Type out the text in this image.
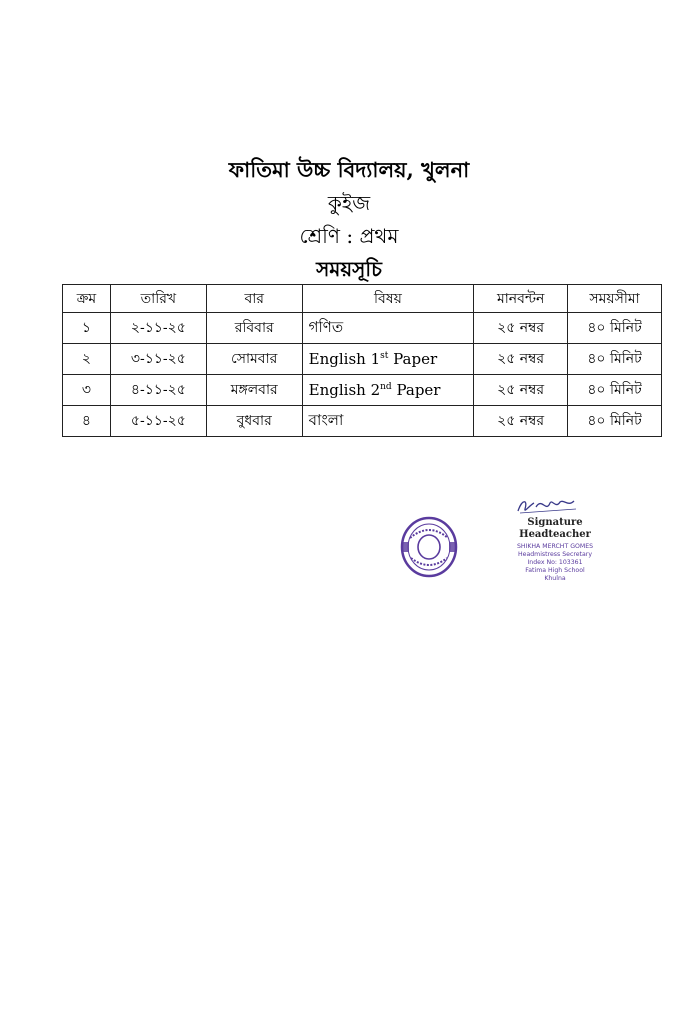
ফাতিমা উচ্চ বিদ্যালয়, খুলনা
কুইজ
শ্রেণি : প্রথম
সময়সূচি
ক্রম	তারিখ	বার	বিষয়	মানবন্টন	সময়সীমা
১	২-১১-২৫	রবিবার	গণিত	২৫ নম্বর	৪০ মিনিট
২	৩-১১-২৫	সোমবার	English 1st Paper	২৫ নম্বর	৪০ মিনিট
৩	৪-১১-২৫	মঙ্গলবার	English 2nd Paper	২৫ নম্বর	৪০ মিনিট
৪	৫-১১-২৫	বুধবার	বাংলা	২৫ নম্বর	৪০ মিনিট
Signature
Headteacher
SHIKHA MERCHT GOMES
Headmistress Secretary
Index No: 103361
Fatima High School
Khulna
